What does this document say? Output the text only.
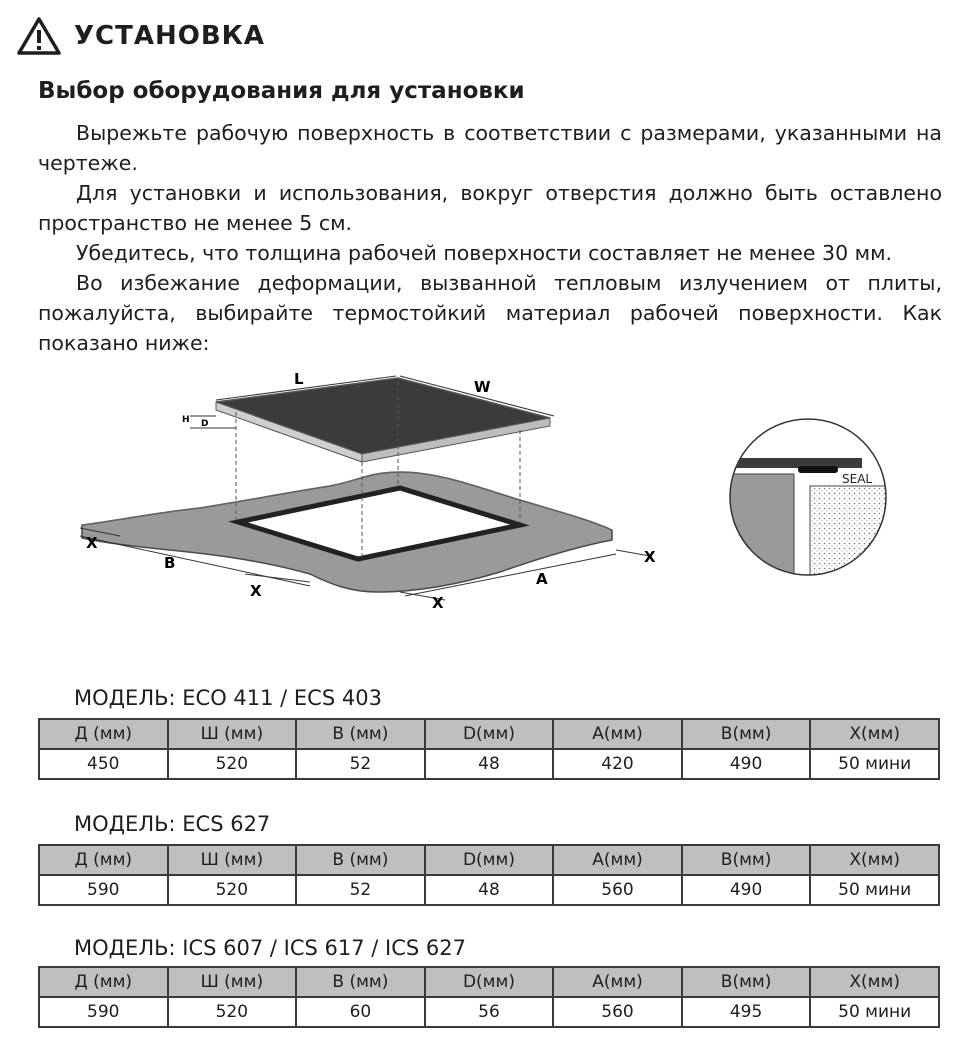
УСТАНОВКА
Выбор оборудования для установки

Вырежьте рабочую поверхность в соответствии с размерами, указанными на чертеже.

Для установки и использования, вокруг отверстия должно быть оставлено пространство не менее 5 см.

Убедитесь, что толщина рабочей поверхности составляет не менее 30 мм.

Во избежание деформации, вызванной тепловым излучением от плиты, пожалуйста, выбирайте термостойкий материал рабочей поверхности. Как показано ниже:

L	W
H D
X
B
X
X
A
X
SEAL
МОДЕЛЬ: ECO 411 / ECS 403
Д (мм)	Ш (мм)	В (мм)	D(мм)	A(мм)	B(мм)	X(мм)
450	520	52	48	420	490	50 мини
МОДЕЛЬ: ECS 627
Д (мм)	Ш (мм)	В (мм)	D(мм)	A(мм)	B(мм)	X(мм)
590	520	52	48	560	490	50 мини
МОДЕЛЬ: ICS 607 / ICS 617 / ICS 627
Д (мм)	Ш (мм)	В (мм)	D(мм)	A(мм)	B(мм)	X(мм)
590	520	60	56	560	495	50 мини
